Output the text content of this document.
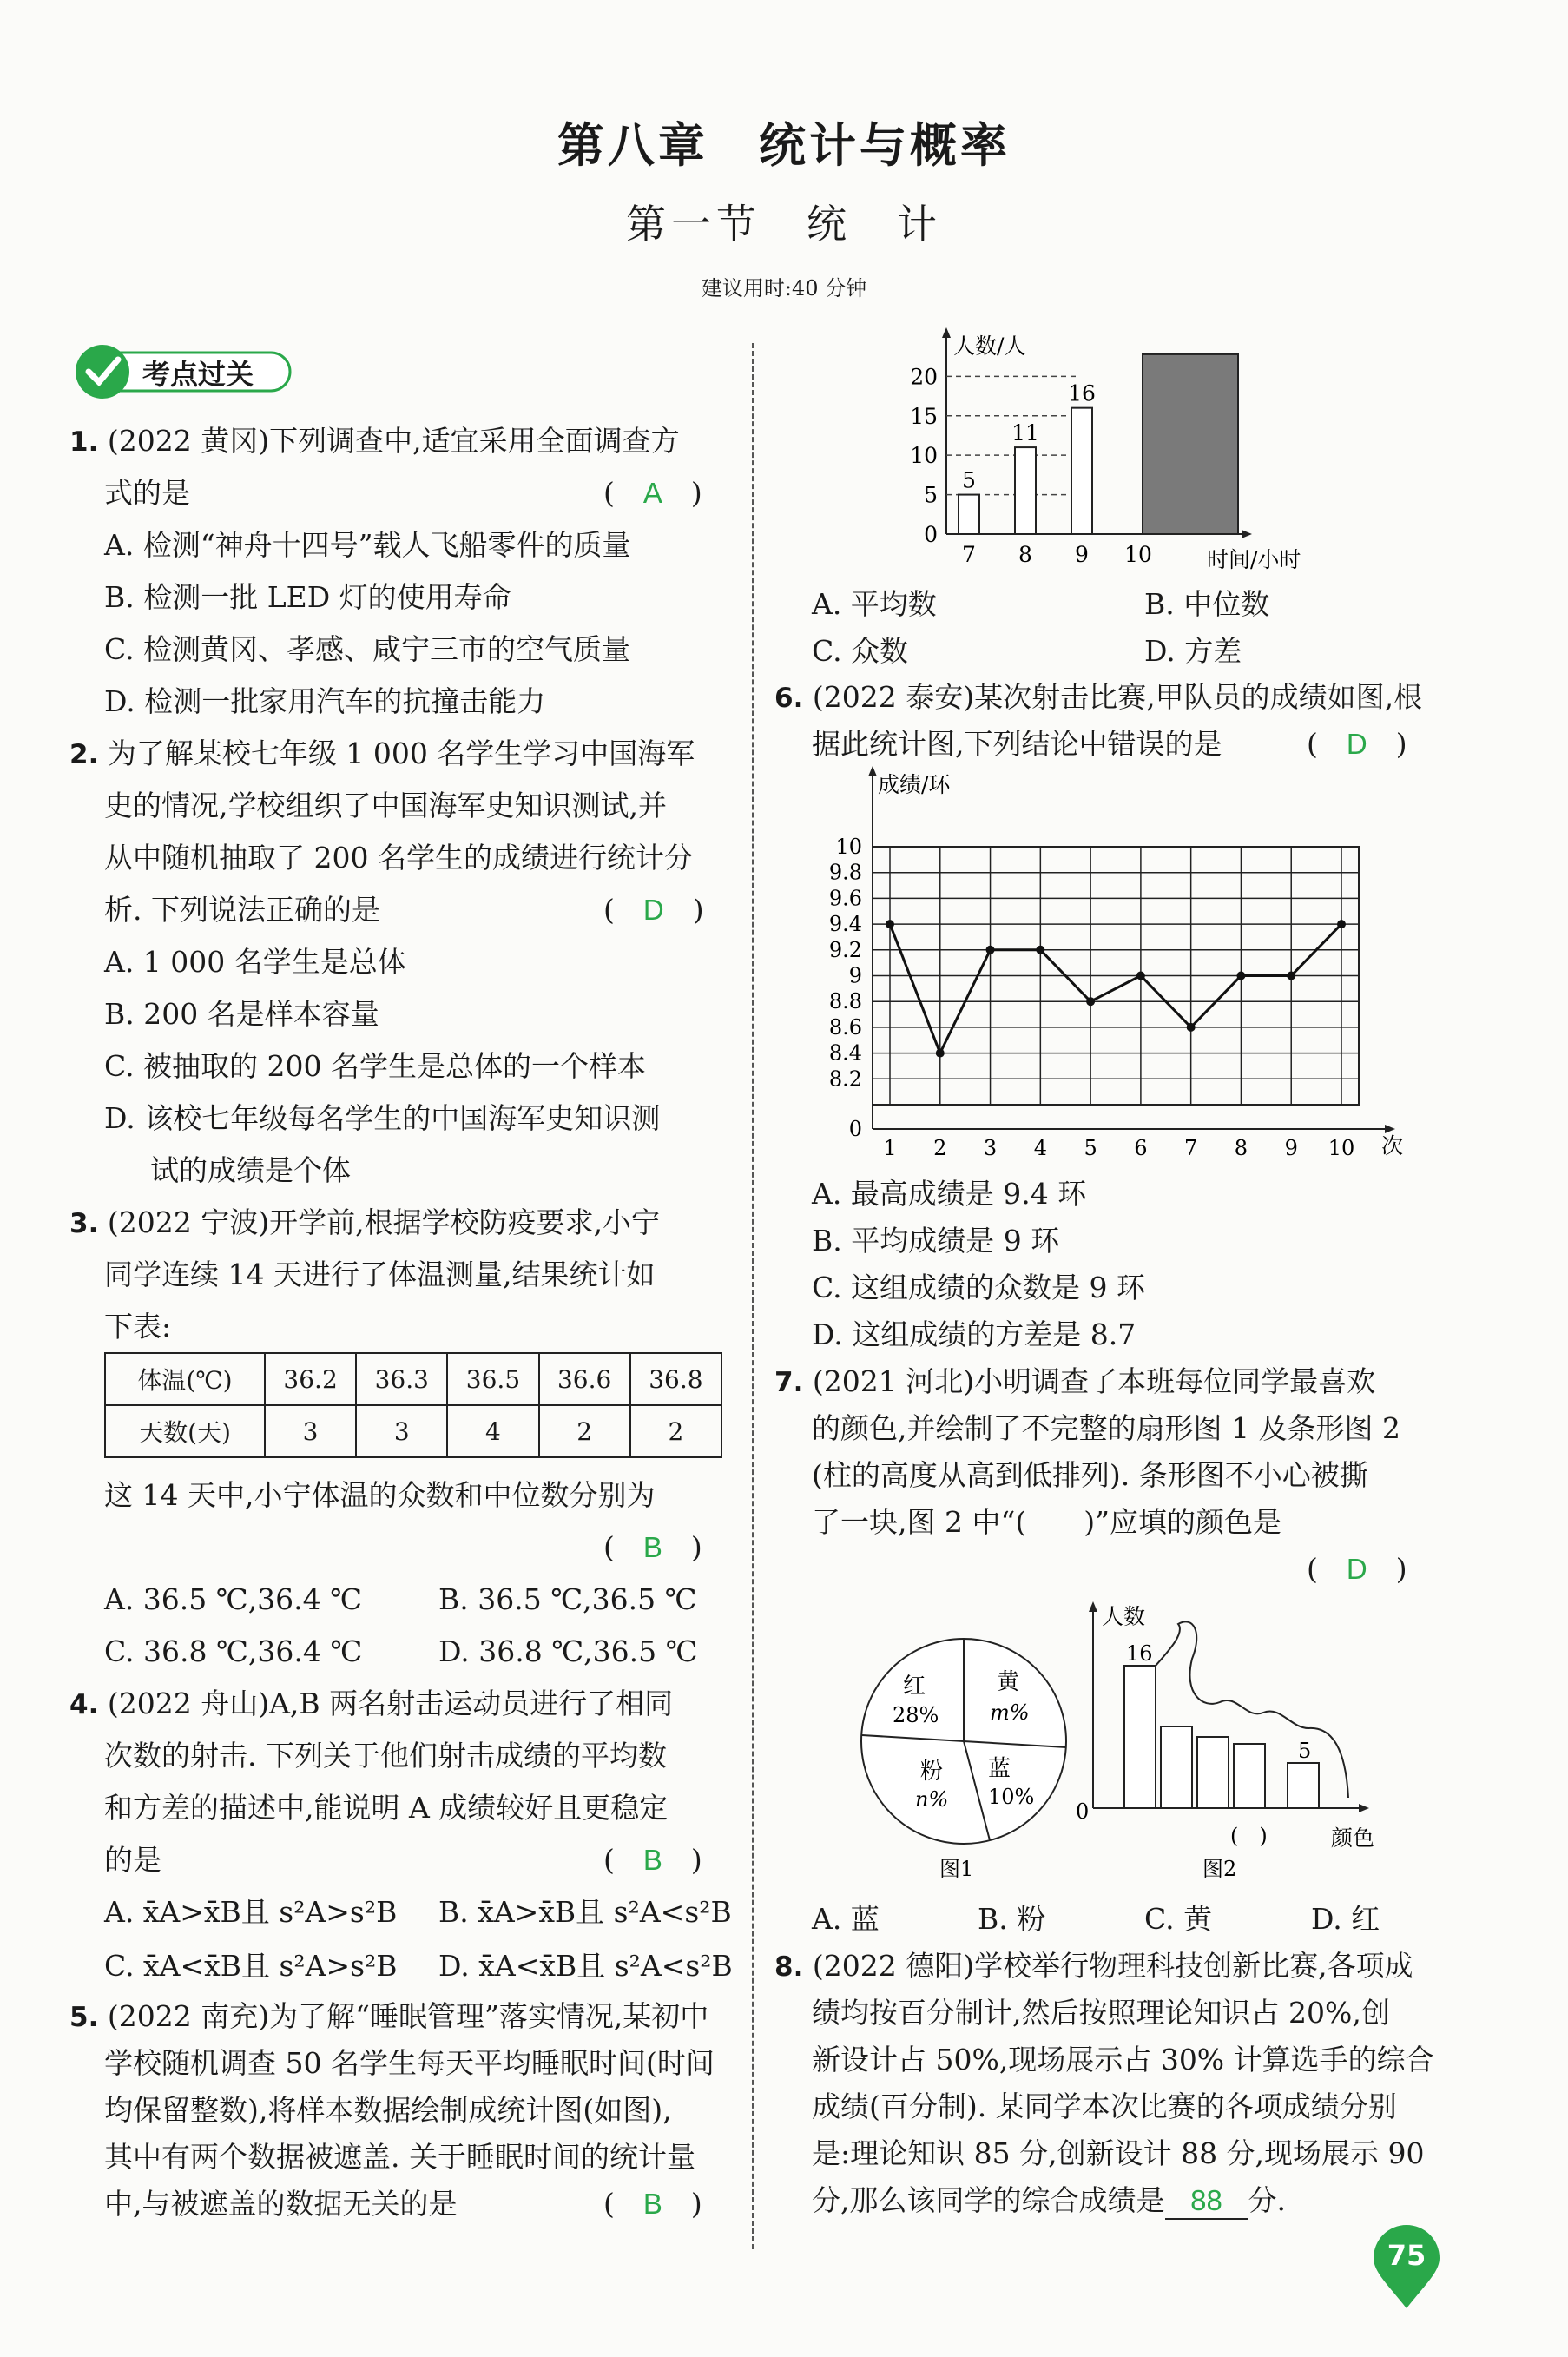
第八章　统计与概率
第一节　统　计
建议用时:40 分钟
考点过关
1. (2022 黄冈)下列调查中,适宜采用全面调查方
式的是	(　A　)
A. 检测“神舟十四号”载人飞船零件的质量
B. 检测一批 LED 灯的使用寿命
C. 检测黄冈、孝感、咸宁三市的空气质量
D. 检测一批家用汽车的抗撞击能力
2. 为了解某校七年级 1 000 名学生学习中国海军
史的情况,学校组织了中国海军史知识测试,并
从中随机抽取了 200 名学生的成绩进行统计分
析. 下列说法正确的是	(　D　)
A. 1 000 名学生是总体
B. 200 名是样本容量
C. 被抽取的 200 名学生是总体的一个样本
D. 该校七年级每名学生的中国海军史知识测
试的成绩是个体
3. (2022 宁波)开学前,根据学校防疫要求,小宁
同学连续 14 天进行了体温测量,结果统计如
下表:
体温(℃)	36.2	36.3	36.5	36.6	36.8
天数(天)	3	3	4	2	2
这 14 天中,小宁体温的众数和中位数分别为
(　B　)
A. 36.5 ℃,36.4 ℃	B. 36.5 ℃,36.5 ℃
C. 36.8 ℃,36.4 ℃	D. 36.8 ℃,36.5 ℃
4. (2022 舟山)A,B 两名射击运动员进行了相同
次数的射击. 下列关于他们射击成绩的平均数
和方差的描述中,能说明 A 成绩较好且更稳定
的是	(　B　)
A. x̄A>x̄B且 s²A>s²B B. x̄A>x̄B且 s²A<s²B
C. x̄A<x̄B且 s²A>s²B D. x̄A<x̄B且 s²A<s²B
5. (2022 南充)为了解“睡眠管理”落实情况,某初中
学校随机调查 50 名学生每天平均睡眠时间(时间
均保留整数),将样本数据绘制成统计图(如图),
其中有两个数据被遮盖. 关于睡眠时间的统计量
中,与被遮盖的数据无关的是	(　B　)
人数/人
时间/小时
0
5
10
15
20
7
5
8
11
9
16
10
A. 平均数	B. 中位数
C. 众数	D. 方差
6. (2022 泰安)某次射击比赛,甲队员的成绩如图,根
据此统计图,下列结论中错误的是	(　D　)
成绩/环
次
0
8.2
8.4
8.6
8.8
9
9.2
9.4
9.6
9.8
10
1 2 3 4 5 6 7 8 9 10
A. 最高成绩是 9.4 环
B. 平均成绩是 9 环
C. 这组成绩的众数是 9 环
D. 这组成绩的方差是 8.7
7. (2021 河北)小明调查了本班每位同学最喜欢
的颜色,并绘制了不完整的扇形图 1 及条形图 2
(柱的高度从高到低排列). 条形图不小心被撕
了一块,图 2 中“(　　)”应填的颜色是
(　D　)
红
28%
黄
m%
粉
n%
蓝
10%
图1
人数
0
16
5
(　)	颜色
图2
A. 蓝	B. 粉	C. 黄	D. 红
8. (2022 德阳)学校举行物理科技创新比赛,各项成
绩均按百分制计,然后按照理论知识占 20%,创
新设计占 50%,现场展示占 30% 计算选手的综合
成绩(百分制). 某同学本次比赛的各项成绩分别
是:理论知识 85 分,创新设计 88 分,现场展示 90
分,那么该同学的综合成绩是 88 分.
75
